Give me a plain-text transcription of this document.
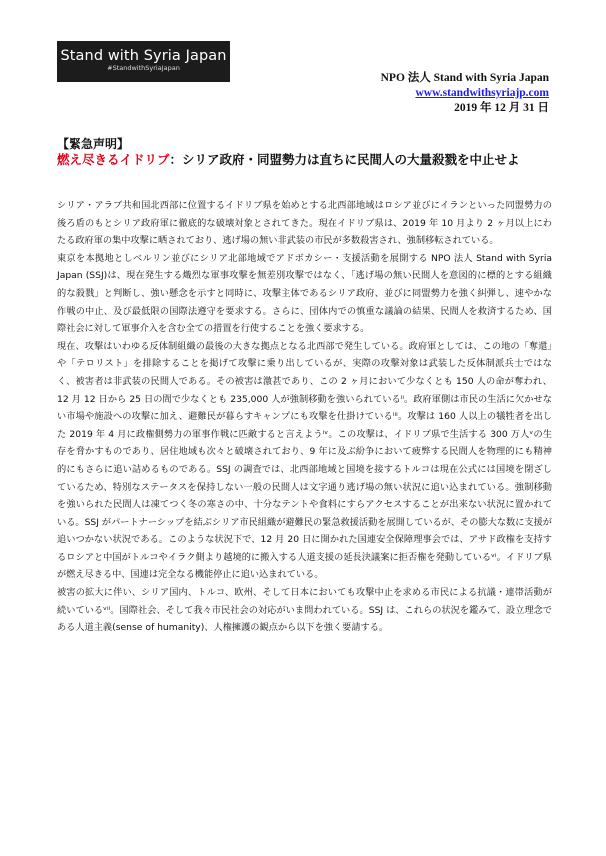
Stand with Syria Japan
#StandwithSyriaJapan
NPO 法人 Stand with Syria Japan
www.standwithsyriajp.com
2019 年 12 月 31 日
【緊急声明】
燃え尽きるイドリブ：シリア政府・同盟勢力は直ちに民間人の大量殺戮を中止せよ

シリア・アラブ共和国北西部に位置するイドリブ県を始めとする北西部地域はロシア並びにイランといった同盟勢力の後ろ盾のもとシリア政府軍に徹底的な破壊対象とされてきた。現在イドリブ県は、2019 年 10 月より 2 ヶ月以上にわたる政府軍の集中攻撃に晒されており、逃げ場の無い非武装の市民が多数殺害され、強制移転されている。

東京を本拠地としベルリン並びにシリア北部地域でアドボカシー・支援活動を展開する NPO 法人 Stand with Syria Japan (SSJ)は、現在発生する熾烈な軍事攻撃を無差別攻撃ではなく、「逃げ場の無い民間人を意図的に標的とする組織的な殺戮」と判断し、強い懸念を示すと同時に、攻撃主体であるシリア政府、並びに同盟勢力を強く糾弾し、速やかな作戦の中止、及び最低限の国際法遵守を要求する。さらに、団体内での慎重な議論の結果、民間人を救済するため、国際社会に対して軍事介入を含む全ての措置を行使することを強く要求する。

現在、攻撃はいわゆる反体制組織の最後の大きな拠点となる北西部で発生している。政府軍としては、この地の「奪還」や「テロリスト」を排除することを掲げて攻撃に乗り出しているが、実際の攻撃対象は武装した反体制派兵士ではなく、被害者は非武装の民間人である。その被害は激甚であり、この 2 ヶ月において少なくとも 150 人の命が奪われ、12 月 12 日から 25 日の間で少なくとも 235,000 人が強制移動を強いられているⁱⁱ。政府軍側は市民の生活に欠かせない市場や施設への攻撃に加え、避難民が暮らすキャンプにも攻撃を仕掛けているⁱⁱⁱ。攻撃は 160 人以上の犠牲者を出した 2019 年 4 月に政権側勢力の軍事作戦に匹敵すると言えようⁱᵛ。この攻撃は、イドリブ県で生活する 300 万人ᵛの生存を脅かすものであり、居住地域も次々と破壊されており、9 年に及ぶ紛争において疲弊する民間人を物理的にも精神的にもさらに追い詰めるものである。SSJ の調査では、北西部地域と国境を接するトルコは現在公式には国境を閉ざしているため、特別なステータスを保持しない一般の民間人は文字通り逃げ場の無い状況に追い込まれている。強制移動を強いられた民間人は凍てつく冬の寒さの中、十分なテントや食料にすらアクセスすることが出来ない状況に置かれている。SSJ がパートナーシップを結ぶシリア市民組織が避難民の緊急救援活動を展開しているが、その膨大な数に支援が追いつかない状況である。このような状況下で、12 月 20 日に開かれた国連安全保障理事会では、アサド政権を支持するロシアと中国がトルコやイラク側より越境的に搬入する人道支援の延長決議案に拒否権を発動しているᵛⁱ。イドリブ県が燃え尽きる中、国連は完全なる機能停止に追い込まれている。

被害の拡大に伴い、シリア国内、トルコ、欧州、そして日本においても攻撃中止を求める市民による抗議・連帯活動が続いているᵛⁱⁱ。国際社会、そして我々市民社会の対応がいま問われている。SSJ は、これらの状況を鑑みて、設立理念である人道主義(sense of humanity)、人権擁護の観点から以下を強く要請する。
